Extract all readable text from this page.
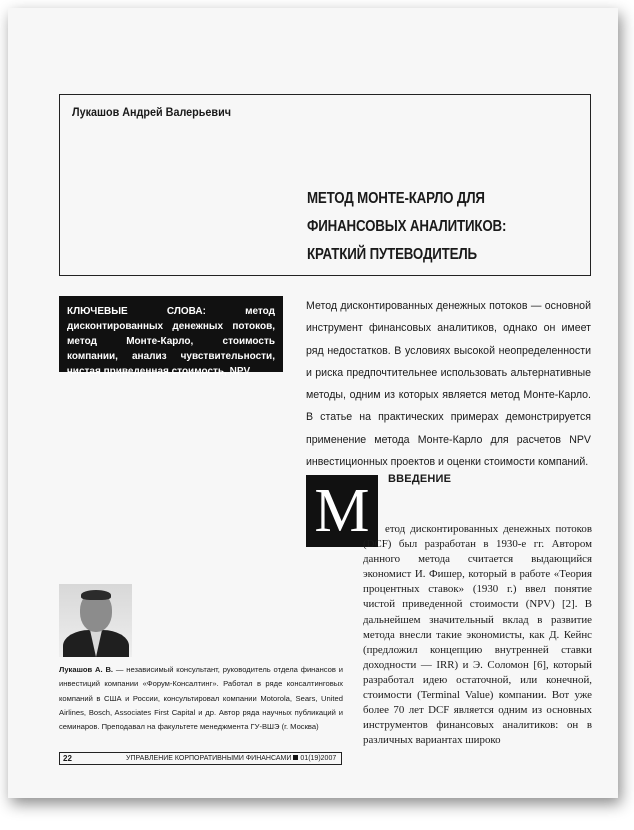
Лукашов Андрей Валерьевич
МЕТОД МОНТЕ-КАРЛО ДЛЯ
ФИНАНСОВЫХ АНАЛИТИКОВ:
КРАТКИЙ ПУТЕВОДИТЕЛЬ

КЛЮЧЕВЫЕ СЛОВА: метод дисконтированных денежных потоков, метод Монте-Карло, стоимость компании, анализ чувствительности, чистая приведенная стоимость, NPV

Метод дисконтированных денежных потоков — основной инструмент финансовых аналитиков, однако он имеет ряд недостатков. В условиях высокой неопределенности и риска предпочтительнее использовать альтернативные методы, одним из которых является метод Монте-Карло. В статье на практических примерах демонстрируется применение метода Монте-Карло для расчетов NPV инвестиционных проектов и оценки стоимости компаний.

М	ВВЕДЕНИЕ

етод дисконтированных денежных потоков (DCF) был разработан в 1930-е гг. Автором данного метода считается выдающийся экономист И. Фишер, который в работе «Теория процентных ставок» (1930 г.) ввел понятие чистой приведенной стоимости (NPV) [2]. В дальнейшем значительный вклад в развитие метода внесли такие экономисты, как Д. Кейнс (предложил концепцию внутренней ставки доходности — IRR) и Э. Соломон [6], который разработал идею остаточной, или конечной, стоимости (Terminal Value) компании. Вот уже более 70 лет DCF является одним из основных инструментов финансовых аналитиков: он в различных вариантах широко

Лукашов А. В. — независимый консультант, руководитель отдела финансов и инвестиций компании «Форум-Консалтинг». Работал в ряде консалтинговых компаний в США и России, консультировал компании Motorola, Sears, United Airlines, Bosch, Associates First Capital и др. Автор ряда научных публикаций и семинаров. Преподавал на факультете менеджмента ГУ-ВШЭ (г. Москва)

22	УПРАВЛЕНИЕ КОРПОРАТИВНЫМИ ФИНАНСАМИ 01(19)2007
